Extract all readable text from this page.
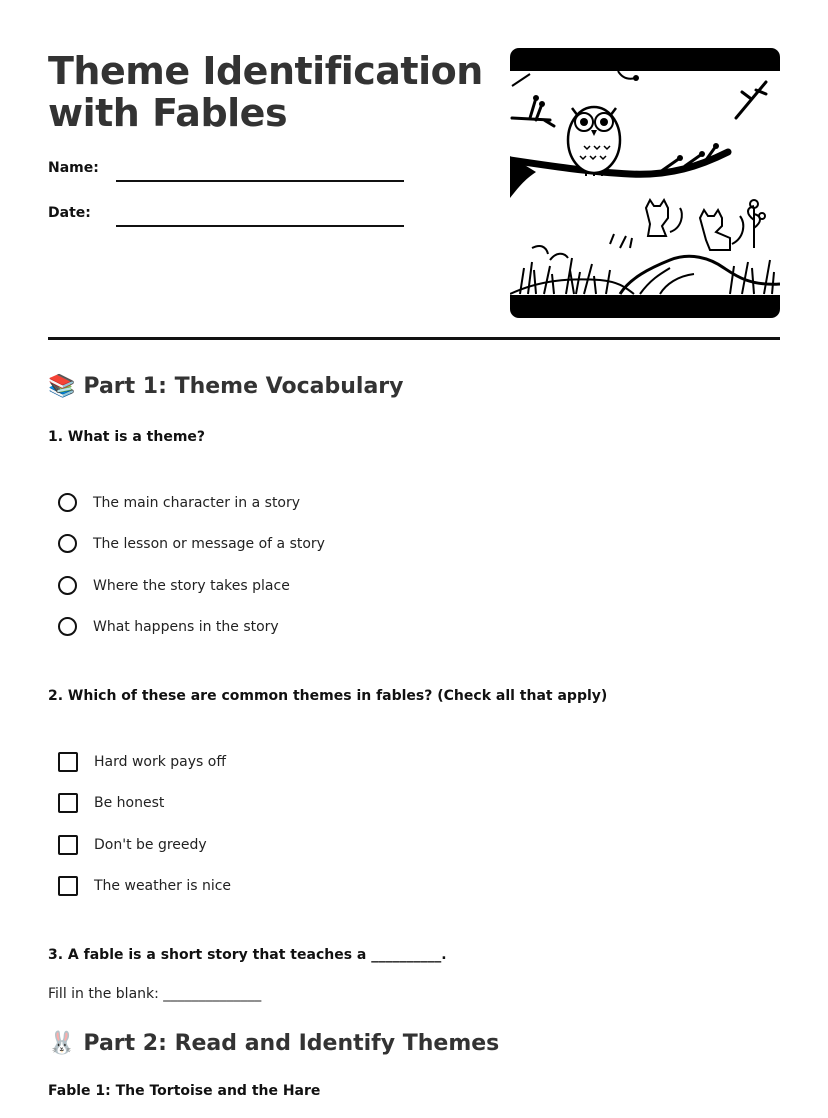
Theme Identification
with Fables
Name:
Date:
📚 Part 1: Theme Vocabulary

1. What is a theme?

The main character in a story
The lesson or message of a story
Where the story takes place
What happens in the story

2. Which of these are common themes in fables? (Check all that apply)

Hard work pays off
Be honest
Don't be greedy
The weather is nice

3. A fable is a short story that teaches a __________.

Fill in the blank: ______________
🐰 Part 2: Read and Identify Themes

Fable 1: The Tortoise and the Hare
